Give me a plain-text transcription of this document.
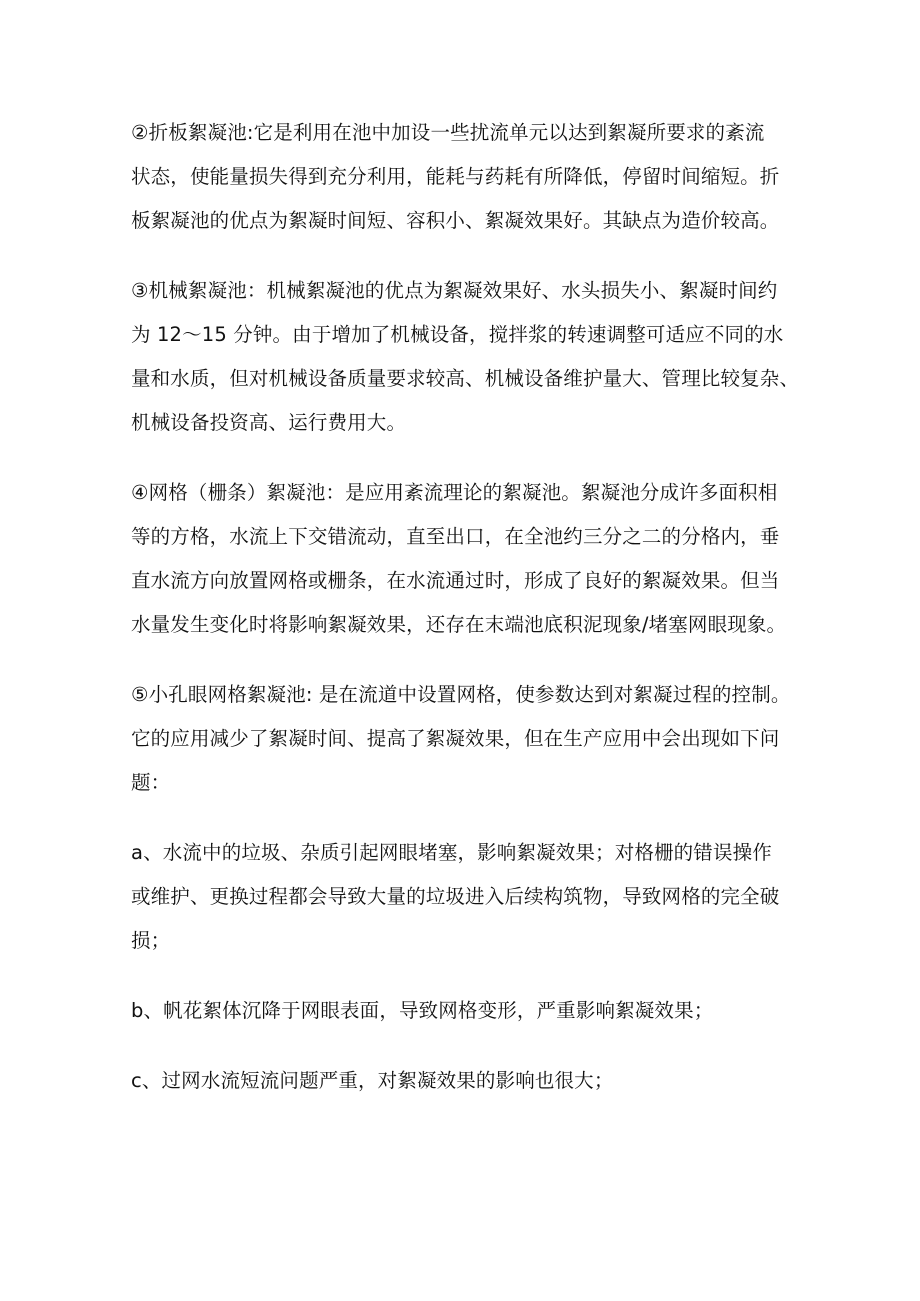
②折板絮凝池:它是利用在池中加设一些扰流单元以达到絮凝所要求的紊流

状态，使能量损失得到充分利用，能耗与药耗有所降低，停留时间缩短。折

板絮凝池的优点为絮凝时间短、容积小、絮凝效果好。其缺点为造价较高。

③机械絮凝池：机械絮凝池的优点为絮凝效果好、水头损失小、絮凝时间约

为 12～15 分钟。由于增加了机械设备，搅拌浆的转速调整可适应不同的水

量和水质，但对机械设备质量要求较高、机械设备维护量大、管理比较复杂、

机械设备投资高、运行费用大。

④网格（栅条）絮凝池：是应用紊流理论的絮凝池。絮凝池分成许多面积相

等的方格，水流上下交错流动，直至出口，在全池约三分之二的分格内，垂

直水流方向放置网格或栅条，在水流通过时，形成了良好的絮凝效果。但当

水量发生变化时将影响絮凝效果，还存在末端池底积泥现象/堵塞网眼现象。

⑤小孔眼网格絮凝池: 是在流道中设置网格，使参数达到对絮凝过程的控制。

它的应用减少了絮凝时间、提高了絮凝效果，但在生产应用中会出现如下问

题：

a、水流中的垃圾、杂质引起网眼堵塞，影响絮凝效果；对格栅的错误操作

或维护、更换过程都会导致大量的垃圾进入后续构筑物，导致网格的完全破

损；

b、帆花絮体沉降于网眼表面，导致网格变形，严重影响絮凝效果；

c、过网水流短流问题严重，对絮凝效果的影响也很大；
